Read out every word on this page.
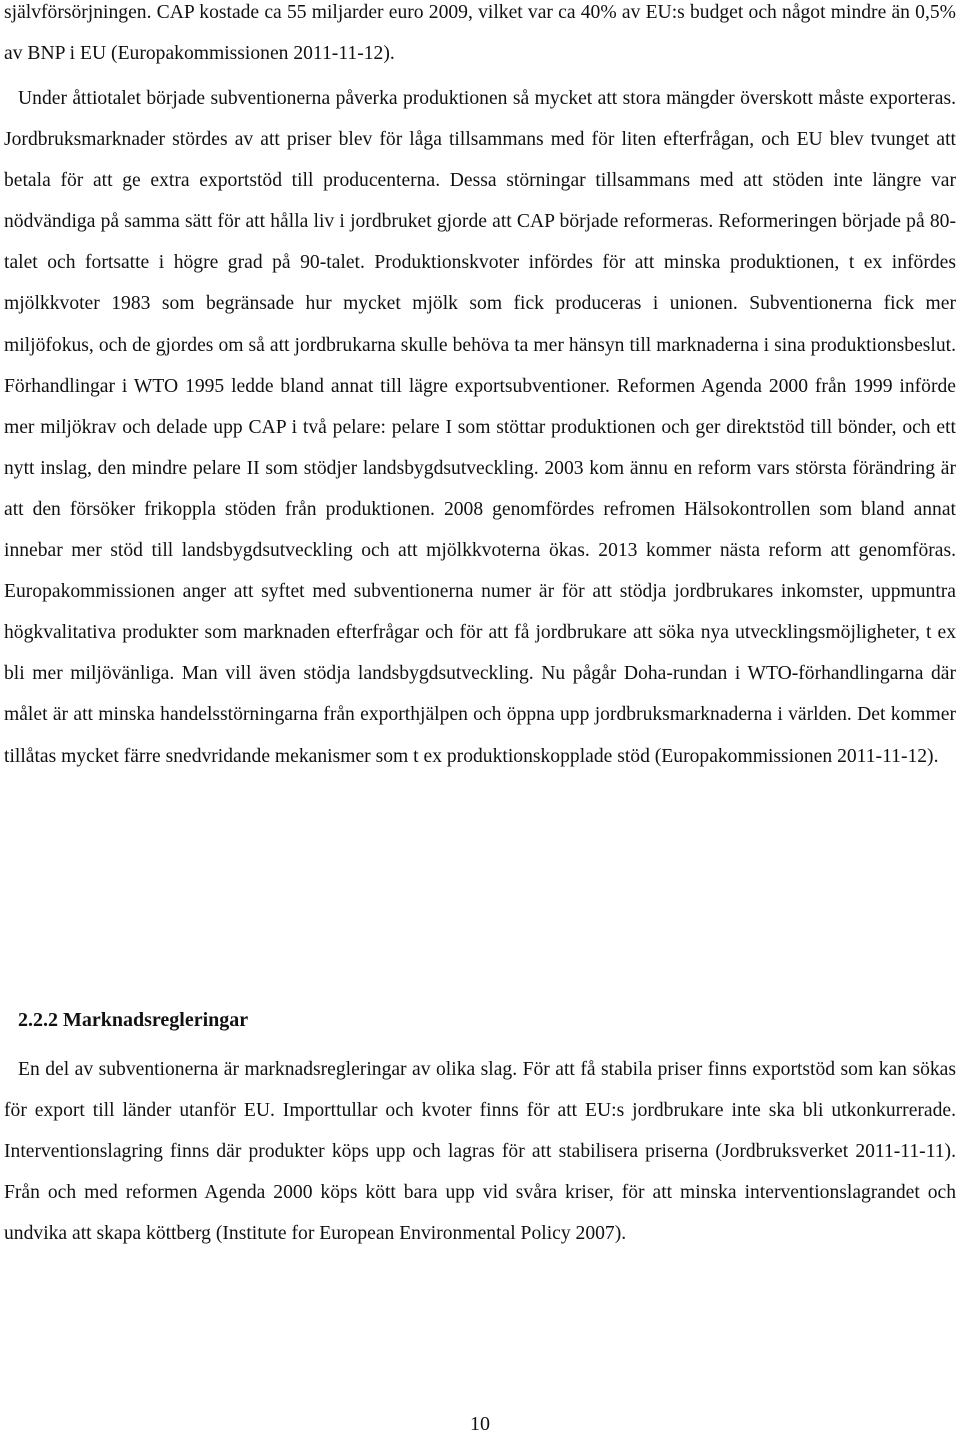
självförsörjningen. CAP kostade ca 55 miljarder euro 2009, vilket var ca 40% av EU:s budget och något mindre än 0,5% av BNP i EU (Europakommissionen 2011-11-12).

Under åttiotalet började subventionerna påverka produktionen så mycket att stora mängder överskott måste exporteras. Jordbruksmarknader stördes av att priser blev för låga tillsammans med för liten efterfrågan, och EU blev tvunget att betala för att ge extra exportstöd till producenterna. Dessa störningar tillsammans med att stöden inte längre var nödvändiga på samma sätt för att hålla liv i jordbruket gjorde att CAP började reformeras. Reformeringen började på 80-talet och fortsatte i högre grad på 90-talet. Produktionskvoter infördes för att minska produktionen, t ex infördes mjölkkvoter 1983 som begränsade hur mycket mjölk som fick produceras i unionen. Subventionerna fick mer miljöfokus, och de gjordes om så att jordbrukarna skulle behöva ta mer hänsyn till marknaderna i sina produktionsbeslut. Förhandlingar i WTO 1995 ledde bland annat till lägre exportsubventioner. Reformen Agenda 2000 från 1999 införde mer miljökrav och delade upp CAP i två pelare: pelare I som stöttar produktionen och ger direktstöd till bönder, och ett nytt inslag, den mindre pelare II som stödjer landsbygdsutveckling. 2003 kom ännu en reform vars största förändring är att den försöker frikoppla stöden från produktionen. 2008 genomfördes refromen Hälsokontrollen som bland annat innebar mer stöd till landsbygdsutveckling och att mjölkkvoterna ökas. 2013 kommer nästa reform att genomföras. Europakommissionen anger att syftet med subventionerna numer är för att stödja jordbrukares inkomster, uppmuntra högkvalitativa produkter som marknaden efterfrågar och för att få jordbrukare att söka nya utvecklingsmöjligheter, t ex bli mer miljövänliga. Man vill även stödja landsbygdsutveckling. Nu pågår Doha-rundan i WTO-förhandlingarna där målet är att minska handelsstörningarna från exporthjälpen och öppna upp jordbruksmarknaderna i världen. Det kommer tillåtas mycket färre snedvridande mekanismer som t ex produktionskopplade stöd (Europakommissionen 2011-11-12).

2.2.2 Marknadsregleringar

En del av subventionerna är marknadsregleringar av olika slag. För att få stabila priser finns exportstöd som kan sökas för export till länder utanför EU. Importtullar och kvoter finns för att EU:s jordbrukare inte ska bli utkonkurrerade. Interventionslagring finns där produkter köps upp och lagras för att stabilisera priserna (Jordbruksverket 2011-11-11). Från och med reformen Agenda 2000 köps kött bara upp vid svåra kriser, för att minska interventionslagrandet och undvika att skapa köttberg (Institute for European Environmental Policy 2007).

10
